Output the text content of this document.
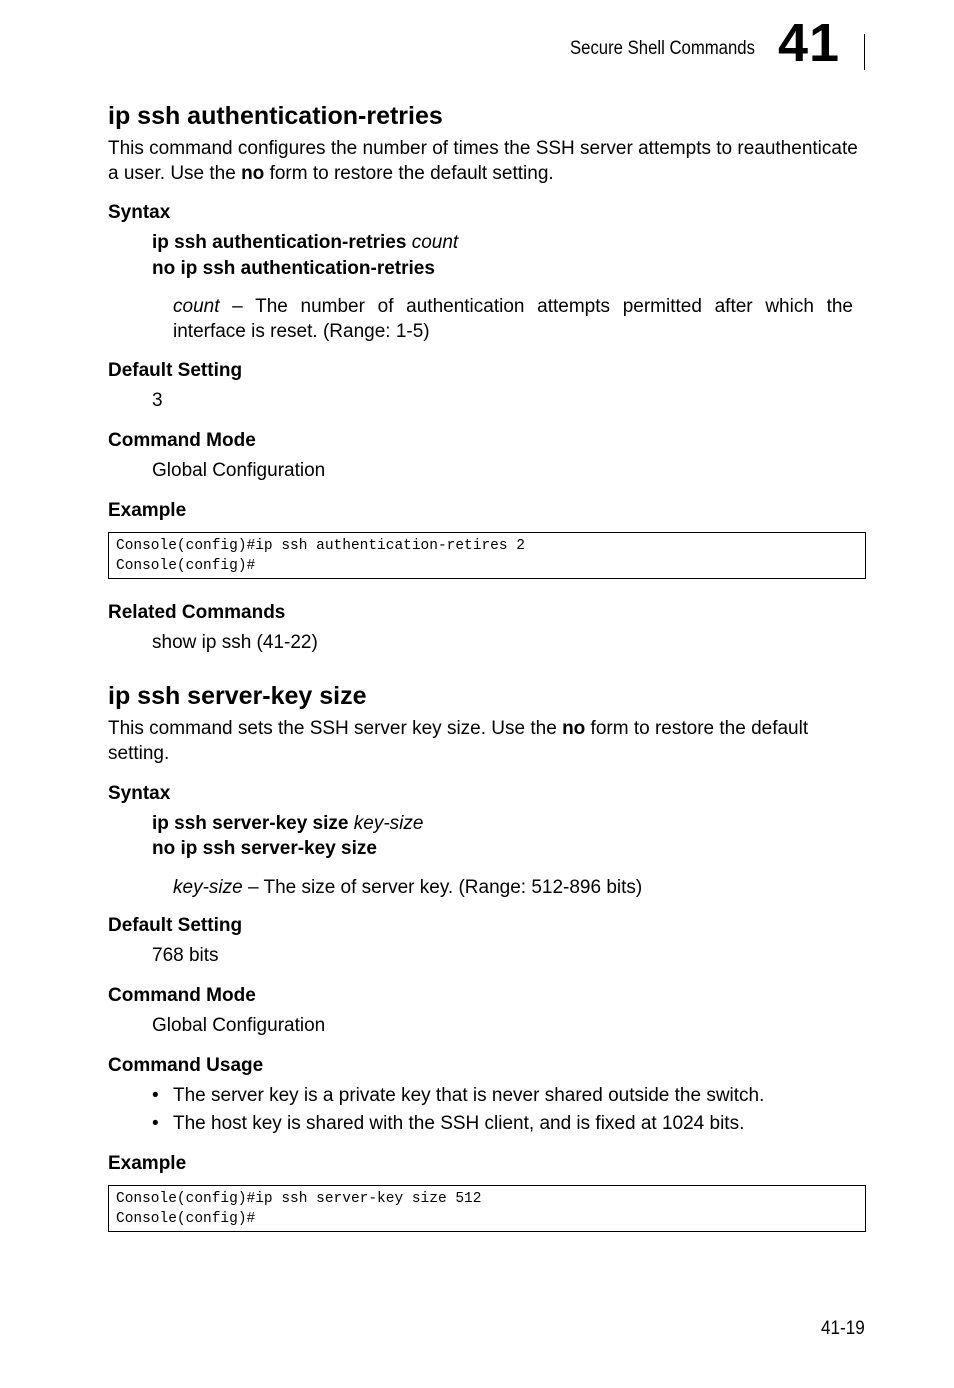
Secure Shell Commands 41
ip ssh authentication-retries
This command configures the number of times the SSH server attempts to reauthenticate a user. Use the no form to restore the default setting.
Syntax
ip ssh authentication-retries count
no ip ssh authentication-retries
count – The number of authentication attempts permitted after which the interface is reset. (Range: 1-5)
Default Setting
3
Command Mode
Global Configuration
Example
Console(config)#ip ssh authentication-retires 2
Console(config)#
Related Commands
show ip ssh (41-22)
ip ssh server-key size
This command sets the SSH server key size. Use the no form to restore the default setting.
Syntax
ip ssh server-key size key-size
no ip ssh server-key size
key-size – The size of server key. (Range: 512-896 bits)
Default Setting
768 bits
Command Mode
Global Configuration
Command Usage
• The server key is a private key that is never shared outside the switch.
• The host key is shared with the SSH client, and is fixed at 1024 bits.
Example
Console(config)#ip ssh server-key size 512
Console(config)#
41-19
